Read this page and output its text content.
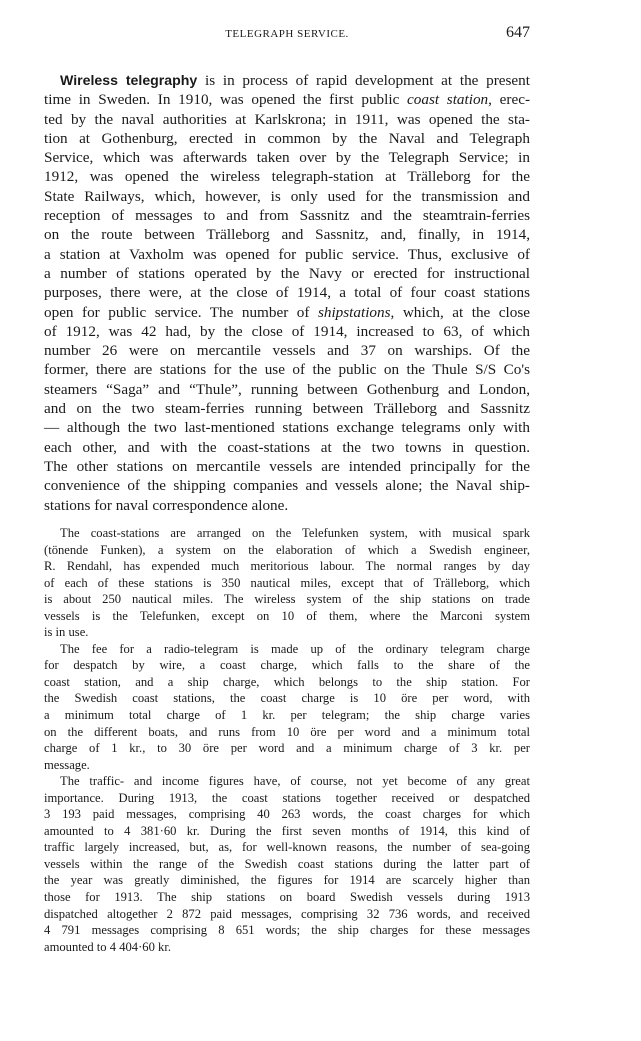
TELEGRAPH SERVICE.	647
Wireless telegraphy is in process of rapid development at the present
time in Sweden. In 1910, was opened the first public coast station, erec-
ted by the naval authorities at Karlskrona; in 1911, was opened the sta-
tion at Gothenburg, erected in common by the Naval and Telegraph
Service, which was afterwards taken over by the Telegraph Service; in
1912, was opened the wireless telegraph-station at Trälleborg for the
State Railways, which, however, is only used for the transmission and
reception of messages to and from Sassnitz and the steamtrain-ferries
on the route between Trälleborg and Sassnitz, and, finally, in 1914,
a station at Vaxholm was opened for public service. Thus, exclusive of
a number of stations operated by the Navy or erected for instructional
purposes, there were, at the close of 1914, a total of four coast stations
open for public service. The number of shipstations, which, at the close
of 1912, was 42 had, by the close of 1914, increased to 63, of which
number 26 were on mercantile vessels and 37 on warships. Of the
former, there are stations for the use of the public on the Thule S/S Co's
steamers “Saga” and “Thule”, running between Gothenburg and London,
and on the two steam-ferries running between Trälleborg and Sassnitz
— although the two last-mentioned stations exchange telegrams only with
each other, and with the coast-stations at the two towns in question.
The other stations on mercantile vessels are intended principally for the
convenience of the shipping companies and vessels alone; the Naval ship-
stations for naval correspondence alone.
The coast-stations are arranged on the Telefunken system, with musical spark
(tönende Funken), a system on the elaboration of which a Swedish engineer,
R. Rendahl, has expended much meritorious labour. The normal ranges by day
of each of these stations is 350 nautical miles, except that of Trälleborg, which
is about 250 nautical miles. The wireless system of the ship stations on trade
vessels is the Telefunken, except on 10 of them, where the Marconi system
is in use.
The fee for a radio-telegram is made up of the ordinary telegram charge
for despatch by wire, a coast charge, which falls to the share of the
coast station, and a ship charge, which belongs to the ship station. For
the Swedish coast stations, the coast charge is 10 öre per word, with
a minimum total charge of 1 kr. per telegram; the ship charge varies
on the different boats, and runs from 10 öre per word and a minimum total
charge of 1 kr., to 30 öre per word and a minimum charge of 3 kr. per
message.
The traffic- and income figures have, of course, not yet become of any great
importance. During 1913, the coast stations together received or despatched
3 193 paid messages, comprising 40 263 words, the coast charges for which
amounted to 4 381·60 kr. During the first seven months of 1914, this kind of
traffic largely increased, but, as, for well-known reasons, the number of sea-going
vessels within the range of the Swedish coast stations during the latter part of
the year was greatly diminished, the figures for 1914 are scarcely higher than
those for 1913. The ship stations on board Swedish vessels during 1913
dispatched altogether 2 872 paid messages, comprising 32 736 words, and received
4 791 messages comprising 8 651 words; the ship charges for these messages
amounted to 4 404·60 kr.
